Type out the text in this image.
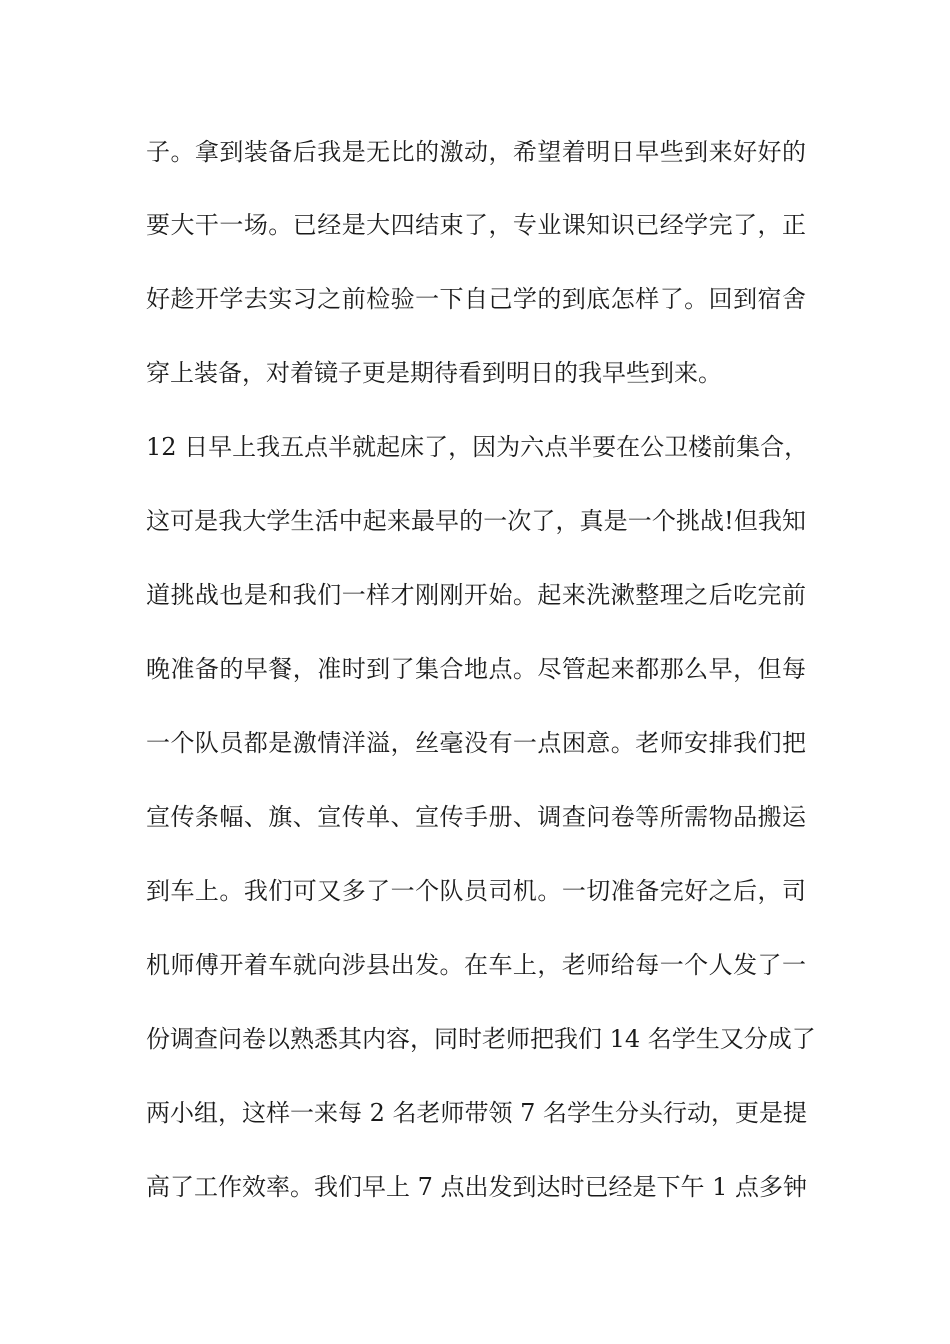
子。拿到装备后我是无比的激动，希望着明日早些到来好好的
要大干一场。已经是大四结束了，专业课知识已经学完了，正
好趁开学去实习之前检验一下自己学的到底怎样了。回到宿舍
穿上装备，对着镜子更是期待看到明日的我早些到来。
12 日早上我五点半就起床了，因为六点半要在公卫楼前集合，
这可是我大学生活中起来最早的一次了，真是一个挑战!但我知
道挑战也是和我们一样才刚刚开始。起来洗漱整理之后吃完前
晚准备的早餐，准时到了集合地点。尽管起来都那么早，但每
一个队员都是激情洋溢，丝毫没有一点困意。老师安排我们把
宣传条幅、旗、宣传单、宣传手册、调查问卷等所需物品搬运
到车上。我们可又多了一个队员司机。一切准备完好之后，司
机师傅开着车就向涉县出发。在车上，老师给每一个人发了一
份调查问卷以熟悉其内容，同时老师把我们 14 名学生又分成了
两小组，这样一来每 2 名老师带领 7 名学生分头行动，更是提
高了工作效率。我们早上 7 点出发到达时已经是下午 1 点多钟
